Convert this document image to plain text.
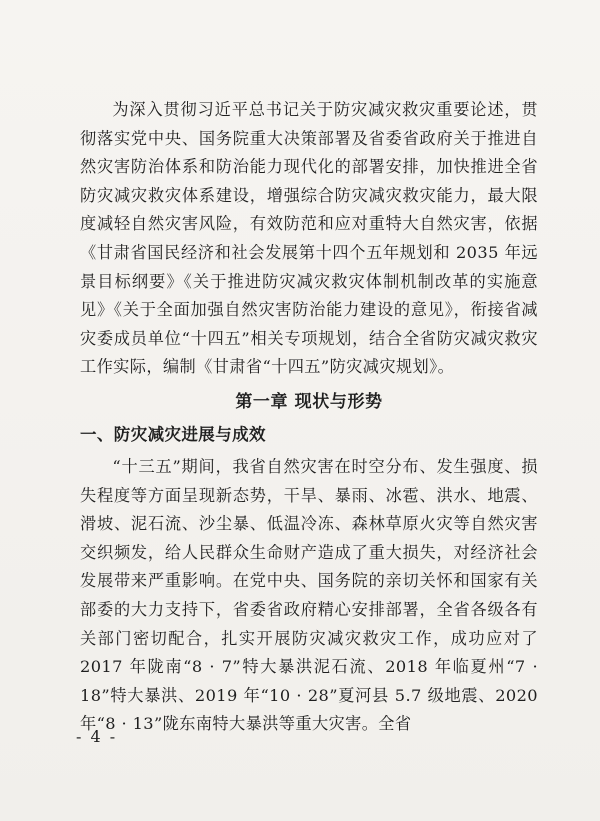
为深入贯彻习近平总书记关于防灾减灾救灾重要论述，贯彻落实党中央、国务院重大决策部署及省委省政府关于推进自然灾害防治体系和防治能力现代化的部署安排，加快推进全省防灾减灾救灾体系建设，增强综合防灾减灾救灾能力，最大限度减轻自然灾害风险，有效防范和应对重特大自然灾害，依据《甘肃省国民经济和社会发展第十四个五年规划和 2035 年远景目标纲要》《关于推进防灾减灾救灾体制机制改革的实施意见》《关于全面加强自然灾害防治能力建设的意见》，衔接省减灾委成员单位“十四五”相关专项规划，结合全省防灾减灾救灾工作实际，编制《甘肃省“十四五”防灾减灾规划》。

第一章 现状与形势
一、防灾减灾进展与成效

“十三五”期间，我省自然灾害在时空分布、发生强度、损失程度等方面呈现新态势，干旱、暴雨、冰雹、洪水、地震、滑坡、泥石流、沙尘暴、低温冷冻、森林草原火灾等自然灾害交织频发，给人民群众生命财产造成了重大损失，对经济社会发展带来严重影响。在党中央、国务院的亲切关怀和国家有关部委的大力支持下，省委省政府精心安排部署，全省各级各有关部门密切配合，扎实开展防灾减灾救灾工作，成功应对了 2017 年陇南“8 · 7”特大暴洪泥石流、2018 年临夏州“7 · 18”特大暴洪、2019 年“10 · 28”夏河县 5.7 级地震、2020 年“8 · 13”陇东南特大暴洪等重大灾害。全省

- 4 -
